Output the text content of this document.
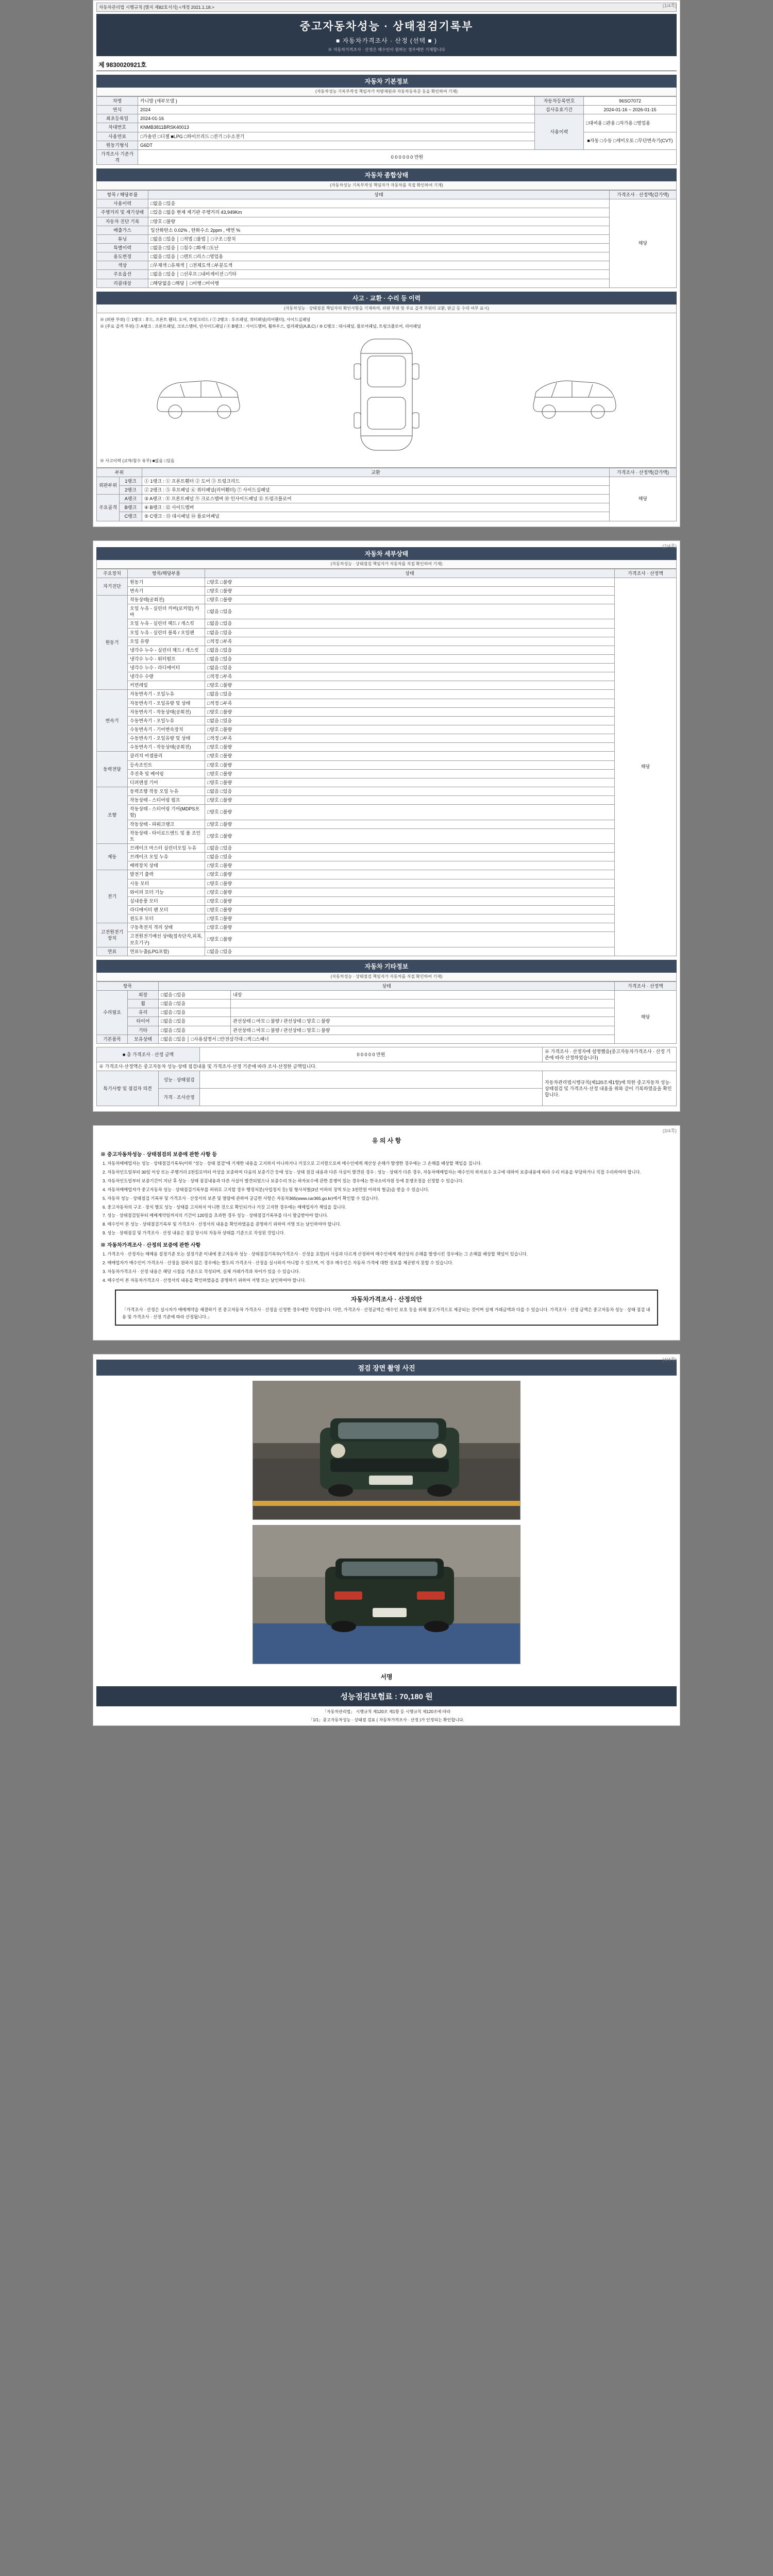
(1/4쪽)
자동차관리법 시행규칙 [별지 제82호서식] <개정 2021.1.18.>
중고자동차성능 · 상태점검기록부
■ 자동차가격조사 · 산정 (선택 ■ )
※ 자동차가격조사 · 산정은 매수인이 원하는 경우에만 기재합니다
제 9830020921호
자동차 기본정보
(자동차성능 기록부작성 책임자가 차량제원과 자동차등록증 등을 확인하여 기재)
차명	카니발 (세부모델 )	자동차등록번호	96SO7072
연식	2024	검사유효기간	2024-01-16 ~ 2026-01-15
최초등록일	2024-01-16	사용이력	□대여용 □관용 □자가용 □영업용
차대번호	KNMB3811BRSK40013		
사용연료	□가솔린 □디젤 ■LPG □하이브리드 □전기 □수소전기		■자동 □수동 □세미오토 □무단변속기(CVT)
원동기형식	G6DT		
가격조사 기준가격	0 0 0 0 0 0 만원		
자동차 종합상태
(자동차성능 기록부작성 책임자가 자동차를 직접 확인하여 기재)
항목 / 해당부품	상태	가격조사 · 산정액(감가액)
사용이력	□없음 □있음	해당
주행거리 및 계기상태	□있음 □없음 현재 계기판 주행거리 43,949Km	
자동차 진단 기록	□양호 □불량	
배출가스	일산화탄소 0.02% , 탄화수소 2ppm , 매연 %	
튜닝	□없음 □있음 │ □적법 □불법 │ □구조 □장치	
특별이력	□없음 □있음 │ □침수 □화재 □도난	
용도변경	□없음 □있음 │ □렌트 □리스 □영업용	
색상	□무채색 □유채색 │ □전체도색 □부분도색	
주요옵션	□없음 □있음 │ □선루프 □내비게이션 □기타	
리콜대상	□해당없음 □해당 │ □이행 □미이행	
사고 · 교환 · 수리 등 이력
(자동차성능 · 상태점검 책임자의 확인사항을 기재하며, 외판 부위 및 주요 골격 부위의 교환, 판금 등 수리 여부 표시)
※ (외판 부위) ① 1랭크 : 후드, 프론트 휀더, 도어, 트렁크리드 / ② 2랭크 : 루프패널, 쿼터패널(리어휀더), 사이드실패널
※ (주요 골격 부위) ③ A랭크 : 프론트패널, 크로스맴버, 인사이드패널 / ④ B랭크 : 사이드멤버, 휠하우스, 필러패널(A,B,C) / ⑤ C랭크 : 대시패널, 플로어패널, 트렁크플로어, 리어패널
※ 사고이력 (교차/침수 유무) ■없음 □있음
부위		교환	가격조사 · 산정액(감가액)
외판부위	1랭크	① 1랭크 : ① 프론트휀더 ② 도어 ③ 트렁크리드	해당
	2랭크	② 2랭크 : ⑤ 루프패널 ⑥ 쿼터패널(리어휀더) ⑦ 사이드실패널	
주요골격	A랭크	③ A랭크 : ⑧ 프론트패널 ⑨ 크로스맴버 ⑩ 인사이드패널 ⑪ 트렁크플로어	
	B랭크	④ B랭크 : ⑫ 사이드멤버	
	C랭크	⑤ C랭크 : ⑬ 대시패널 ⑭ 플로어패널	
(2/4쪽)
자동차 세부상태
(자동차성능 · 상태점검 책임자가 자동차를 직접 확인하여 기재)
주요장치	항목/해당부품	상태	가격조사 · 산정액
자기진단	원동기	□양호 □불량	해당
	변속기	□양호 □불량	
원동기	작동상태(공회전)	□양호 □불량	
	오일 누유 - 실린더 커버(로커암) 카바	□없음 □있음	
	오일 누유 - 실린더 헤드 / 개스킷	□없음 □있음	
	오일 누유 - 실린더 블록 / 오일팬	□없음 □있음	
	오일 유량	□적정 □부족	
	냉각수 누수 - 실린더 헤드 / 개스킷	□없음 □있음	
	냉각수 누수 - 워터펌프	□없음 □있음	
	냉각수 누수 - 라디에이터	□없음 □있음	
	냉각수 수량	□적정 □부족	
	커먼레일	□양호 □불량	
변속기	자동변속기 - 오일누유	□없음 □있음	
	자동변속기 - 오일유량 및 상태	□적정 □부족	
	자동변속기 - 작동상태(공회전)	□양호 □불량	
	수동변속기 - 오일누유	□없음 □있음	
	수동변속기 - 기어변속장치	□양호 □불량	
	수동변속기 - 오일유량 및 상태	□적정 □부족	
	수동변속기 - 작동상태(공회전)	□양호 □불량	
동력전달	클러치 어셈블리	□양호 □불량	
	등속조인트	□양호 □불량	
	추진축 및 베어링	□양호 □불량	
	디퍼렌셜 기어	□양호 □불량	
조향	동력조향 작동 오일 누유	□없음 □있음	
	작동상태 - 스티어링 펌프	□양호 □불량	
	작동상태 - 스티어링 기어(MDPS포함)	□양호 □불량	
	작동상태 - 파워크랭크	□양호 □불량	
	작동상태 - 타이로드엔드 및 볼 조인트	□양호 □불량	
제동	브레이크 마스터 실린더오일 누유	□없음 □있음	
	브레이크 오일 누유	□없음 □있음	
	배력장치 상태	□양호 □불량	
전기	발전기 출력	□양호 □불량	
	시동 모터	□양호 □불량	
	와이퍼 모터 기능	□양호 □불량	
	실내송풍 모터	□양호 □불량	
	라디에이터 팬 모터	□양호 □불량	
	윈도우 모터	□양호 □불량	
고전원전기장치	구동축전지 격리 상태	□양호 □불량	
	고전원전기배선 상태(접속단자,피복,보호기구)	□양호 □불량	
연료	연료누출(LPG포함)	□없음 □있음	
자동차 기타정보
(자동차성능 · 상태점검 책임자가 자동차를 직접 확인하여 기재)
항목		상태		가격조사 · 산정액
수리필요	외장	□없음 □있음	내장	해당
	휠	□없음 □있음		
	유리	□없음 □있음		
	타이어	□없음 □있음	관선상태 □ 마모 □ 불량 / 관선상태 □ 양호 □ 불량	
	기타	□없음 □있음	관선상태 □ 마모 □ 불량 / 관선상태 □ 양호 □ 불량	
기본품목	보유상태	□없음 □있음 │ □사용설명서 □안전삼각대 □잭 □스패너		
■ 총 가격조사 · 산정 금액		0 0 0 0 0 만원	※ 가격조사 · 산정자에 설명했음(중고자동차가격조사 · 산정 기준에 따라 산정하였습니다)
※ 가격조사·산정액은 중고자동차 성능·상태 점검내용 및 가격조사·산정 기준에 따라 조사·산정한 금액입니다.			
특기사항 및 점검자 의견	성능 · 상태점검		자동차관리법시행규칙(제120조제1항)에 의한 중고자동차 성능·상태점검 및 가격조사·산정 내용을 위와 같이 기록하였음을 확인합니다.
	가격 · 조사산정		
(3/4쪽)
유 의 사 항
※ 중고자동차성능 · 상태점검의 보증에 관한 사항 등
1. 자동차매매업자는 성능 · 상태점검기록부(이하 "성능 · 상태 점검"에 기재한 내용을 고지하지 아니하거나 거짓으로 고지함으로써 매수인에게 재산상 손해가 발생한 경우에는 그 손해를 배상할 책임을 집니다.
2. 자동차인도일부터 30일 이상 또는 주행거리 2천킬로미터 이상을 보증하여 다음의 보증기간 등에 성능 · 상태 점검 내용과 다른 사실이 발견된 경우 : 성능 · 상태가 다른 경우, 자동차매매업자는 매수인의 하자보수 요구에 대하여 보증내용에 따라 수리 비용을 부담하거나 직접 수리하여야 합니다.
3. 자동차인도일부터 보증기간이 지난 후 성능 · 상태 점검내용과 다른 사실이 발견되었으나 보증수리 또는 하자보수에 관한 분쟁이 있는 경우에는 한국소비자원 등에 분쟁조정을 신청할 수 있습니다.
4. 자동차매매업자가 중고자동차 성능 · 상태점검기록부를 허위로 고지할 경우 행정처분(사업정지 등) 및 형사처벌(3년 이하의 징역 또는 3천만원 이하의 벌금)을 받을 수 있습니다.
5. 자동차 성능 · 상태점검 기록부 및 가격조사 · 산정서의 보존 및 열람에 관하여 궁금한 사항은 자동차365(www.car365.go.kr)에서 확인할 수 있습니다.
6. 중고자동차의 구조 · 장치 별로 성능 · 상태를 고지하지 아니한 것으로 확인되거나 거짓 고지한 경우에는 매매업자가 책임을 집니다.
7. 성능 · 상태점검일부터 매매계약일까지의 기간이 120일을 초과한 경우 성능 · 상태점검기록부를 다시 발급받아야 합니다.
8. 매수인이 본 성능 · 상태점검기록부 및 가격조사 · 산정서의 내용을 확인하였음을 증명하기 위하여 서명 또는 날인하여야 합니다.
9. 성능 · 상태점검 및 가격조사 · 산정 내용은 점검 당시의 자동차 상태를 기준으로 작성된 것입니다.
※ 자동차가격조사 · 산정의 보증에 관한 사항
1. 가격조사 · 산정자는 매매용 설정기준 또는 설정기준 이내에 중고자동차 성능 · 상태점검기록부(가격조사 · 산정을 포함)의 사실과 다르게 산정하여 매수인에게 재산상의 손해를 발생시킨 경우에는 그 손해를 배상할 책임이 있습니다.
2. 매매업자가 매수인이 가격조사 · 산정을 원하지 않은 경우에는 별도의 가격조사 · 산정을 실시하지 아니할 수 있으며, 이 경우 매수인은 자동차 가격에 대한 정보를 제공받지 못할 수 있습니다.
3. 자동차가격조사 · 산정 내용은 해당 시점을 기준으로 작성되며, 실제 거래가격과 차이가 있을 수 있습니다.
4. 매수인이 본 자동차가격조사 · 산정서의 내용을 확인하였음을 증명하기 위하여 서명 또는 날인하여야 합니다.
자동차가격조사 · 산정의안

「가격조사 · 산정은 실시자가 매매계약을 체결하기 전 중고자동차 가격조사 · 산정을 신청한 경우에만 작성합니다. 다만, 가격조사 · 산정금액은 매수인 보호 등을 위해 참고가격으로 제공되는 것이며 실제 거래금액과 다를 수 있습니다. 가격조사 · 산정 금액은 중고자동차 성능 · 상태 점검 내용 및 가격조사 · 산정 기준에 따라 산정됩니다.」

(4/4쪽)
점검 장면 촬영 사진
서명
성능점검보험료 : 70,180 원
「자동차관리법」 시행규칙 제120조 제1항 등 시행규칙 제120조에 따라
「1/1」중고자동차성능 · 상태점 검표 ( 자동차가격조사 · 산정 )가 인정되는 확인합니다.
